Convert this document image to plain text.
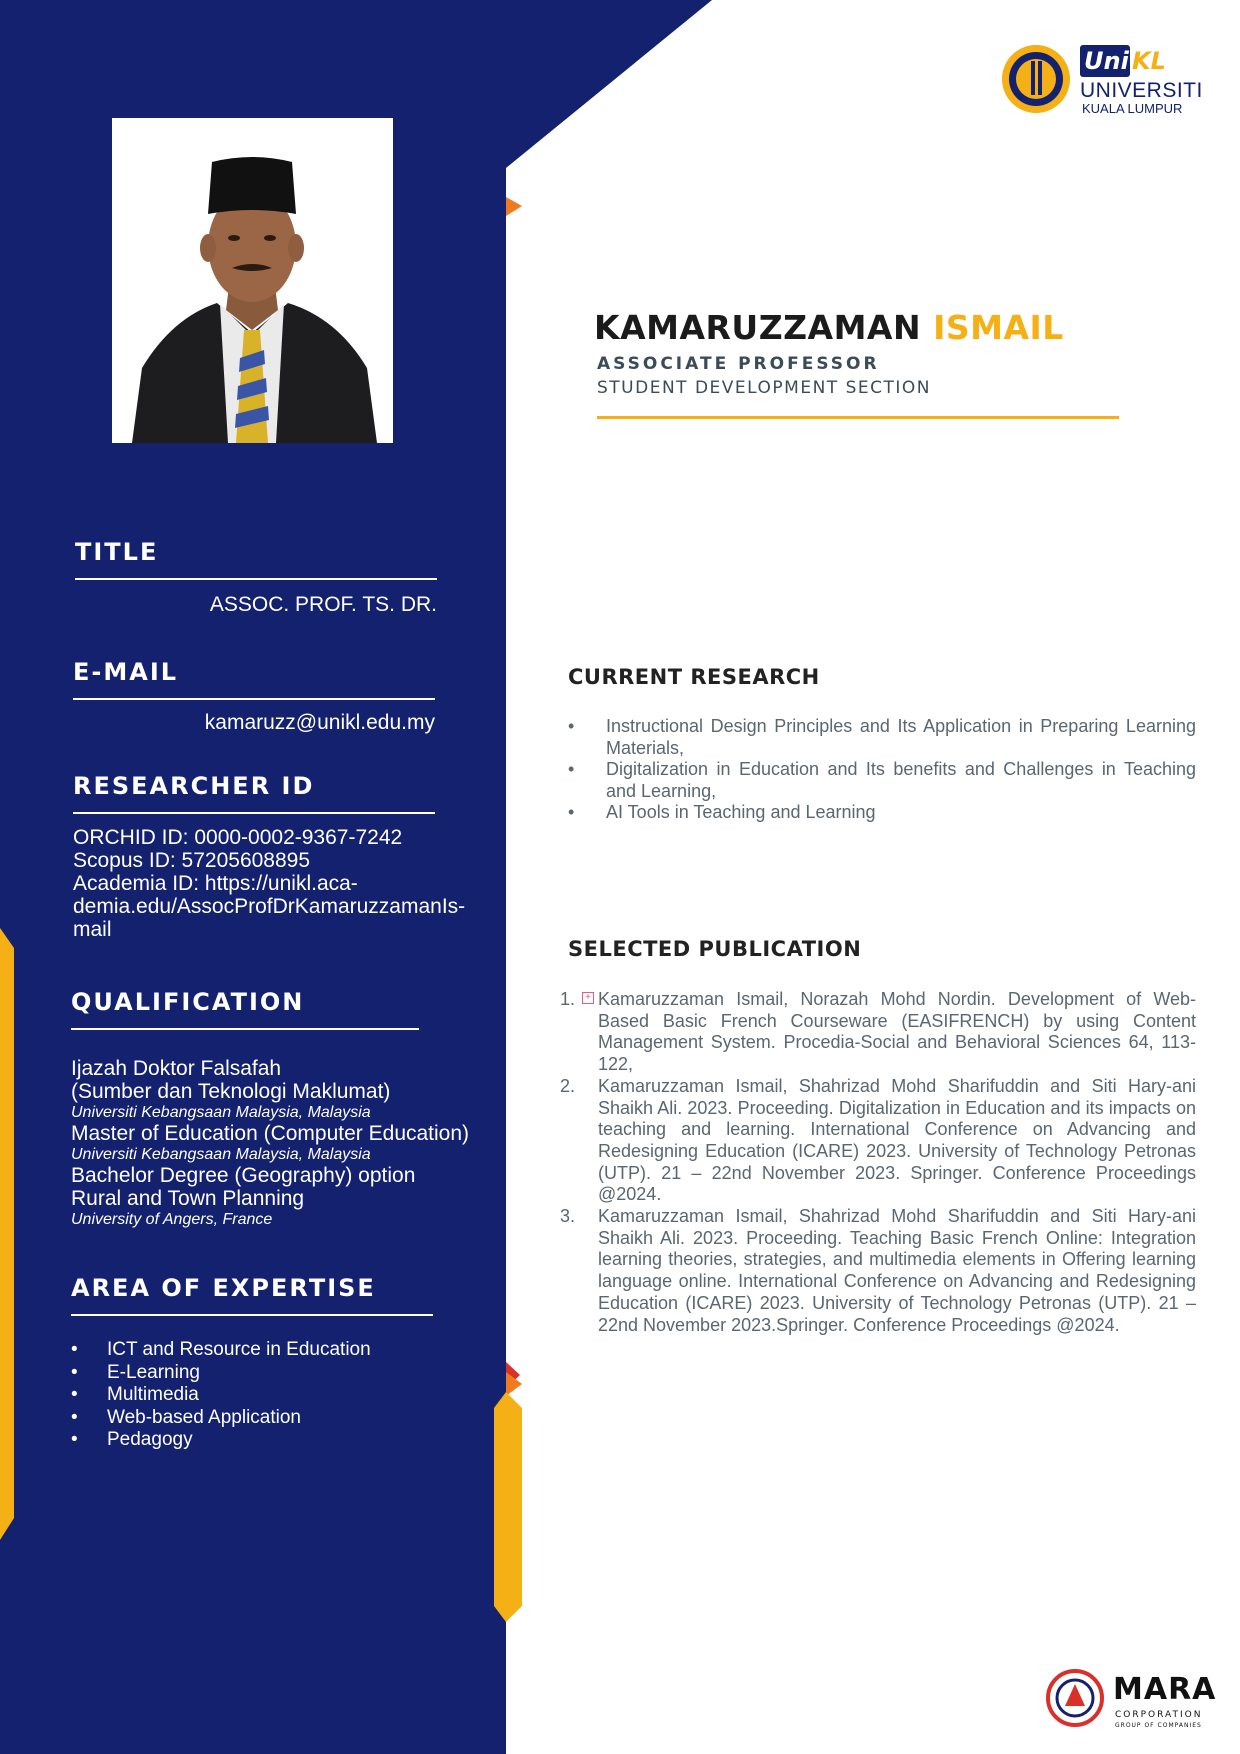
Uni KL
UNIVERSITI
KUALA LUMPUR
KAMARUZZAMAN ISMAIL
ASSOCIATE PROFESSOR
STUDENT DEVELOPMENT SECTION
TITLE
ASSOC. PROF. TS. DR.
E-MAIL
kamaruzz@unikl.edu.my
RESEARCHER ID
ORCHID ID: 0000-0002-9367-7242
Scopus ID: 57205608895
Academia ID: https://unikl.aca-
demia.edu/AssocProfDrKamaruzzamanIs-
mail
QUALIFICATION
Ijazah Doktor Falsafah
(Sumber dan Teknologi Maklumat)
Universiti Kebangsaan Malaysia, Malaysia
Master of Education (Computer Education)
Universiti Kebangsaan Malaysia, Malaysia
Bachelor Degree (Geography) option
Rural and Town Planning
University of Angers, France
AREA OF EXPERTISE
• ICT and Resource in Education
• E-Learning
• Multimedia
• Web-based Application
• Pedagogy
CURRENT RESEARCH
• Instructional Design Principles and Its Application in Preparing Learning Materials,
• Digitalization in Education and Its benefits and Challenges in Teaching and Learning,
• AI Tools in Teaching and Learning
SELECTED PUBLICATION
1.	+ Kamaruzzaman Ismail, Norazah Mohd Nordin. Development of Web-Based Basic French Courseware (EASIFRENCH) by using Content Management System. Procedia-Social and Behavioral Sciences 64, 113-122,
2. Kamaruzzaman Ismail, Shahrizad Mohd Sharifuddin and Siti Hary-ani Shaikh Ali. 2023. Proceeding. Digitalization in Education and its impacts on teaching and learning. International Conference on Advancing and Redesigning Education (ICARE) 2023. University of Technology Petronas (UTP). 21 – 22nd November 2023. Springer. Conference Proceedings @2024.
3. Kamaruzzaman Ismail, Shahrizad Mohd Sharifuddin and Siti Hary-ani Shaikh Ali. 2023. Proceeding. Teaching Basic French Online: Integration learning theories, strategies, and multimedia elements in Offering learning language online. International Conference on Advancing and Redesigning Education (ICARE) 2023. University of Technology Petronas (UTP). 21 – 22nd November 2023.Springer. Conference Proceedings @2024.
MARA
CORPORATION
GROUP OF COMPANIES
